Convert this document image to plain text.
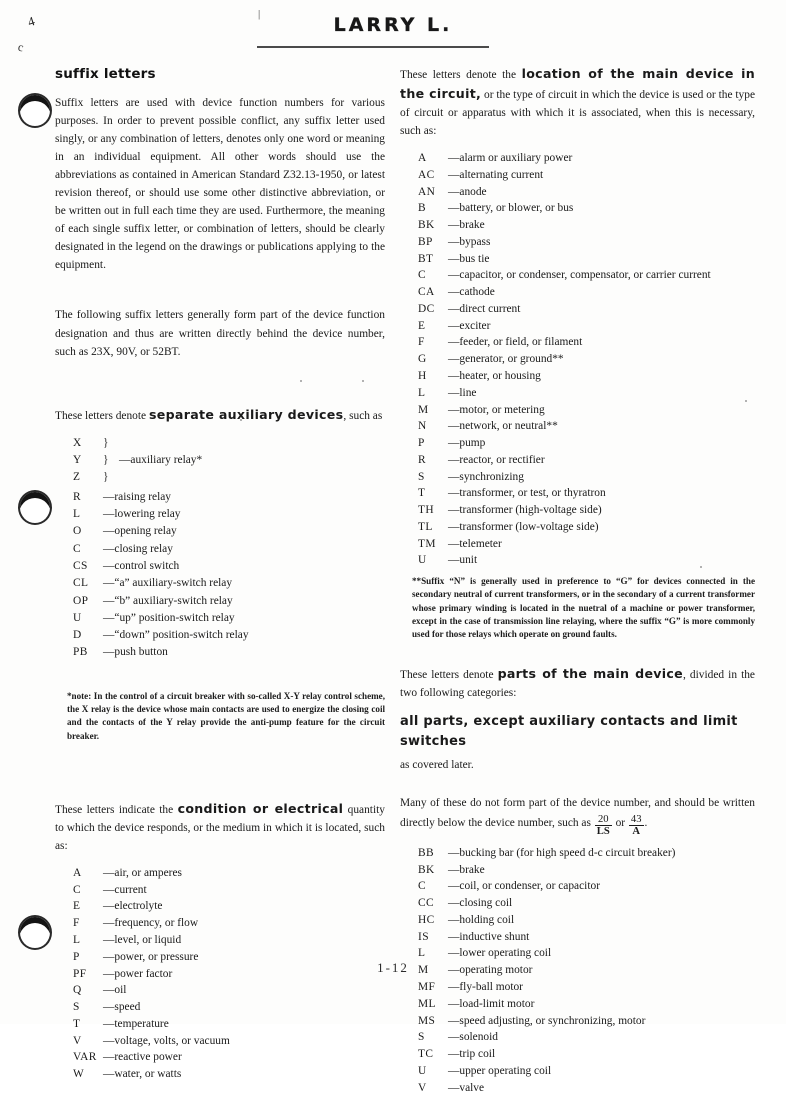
4
c
|	LARRY L.
suffix letters

Suffix letters are used with device function numbers for various purposes. In order to prevent possible conflict, any suffix letter used singly, or any combination of letters, denotes only one word or meaning in an individual equipment. All other words should use the abbreviations as contained in American Standard Z32.13-1950, or latest revision thereof, or should use some other distinctive abbreviation, or be written out in full each time they are used. Furthermore, the meaning of each single suffix letter, or combination of letters, should be clearly designated in the legend on the drawings or publications applying to the equipment.

The following suffix letters generally form part of the device function designation and thus are written directly behind the device number, such as 23X, 90V, or 52BT.

These letters denote separate auxiliary devices, such as

X	}
Y	} —auxiliary relay*
Z	}
R	—raising relay
L	—lowering relay
O	—opening relay
C	—closing relay
CS	—control switch
CL	—“a” auxiliary-switch relay
OP	—“b” auxiliary-switch relay
U	—“up” position-switch relay
D	—“down” position-switch relay
PB	—push button

*note: In the control of a circuit breaker with so-called X-Y relay control scheme, the X relay is the device whose main contacts are used to energize the closing coil and the contacts of the Y relay provide the anti-pump feature for the circuit breaker.

These letters indicate the condition or electrical quantity to which the device responds, or the medium in which it is located, such as:

A	—air, or amperes
C	—current
E	—electrolyte
F	—frequency, or flow
L	—level, or liquid
P	—power, or pressure
PF	—power factor
Q	—oil
S	—speed
T	—temperature
V	—voltage, volts, or vacuum
VAR —reactive power
W	—water, or watts

These letters denote the location of the main device in the circuit, or the type of circuit in which the device is used or the type of circuit or apparatus with which it is associated, when this is necessary, such as:

A	—alarm or auxiliary power
AC	—alternating current
AN	—anode
B	—battery, or blower, or bus
BK	—brake
BP	—bypass
BT	—bus tie
C	—capacitor, or condenser, compensator, or carrier current
CA	—cathode
DC	—direct current
E	—exciter
F	—feeder, or field, or filament
G	—generator, or ground**
H	—heater, or housing
L	—line
M	—motor, or metering
N	—network, or neutral**
P	—pump
R	—reactor, or rectifier
S	—synchronizing
T	—transformer, or test, or thyratron
TH	—transformer (high-voltage side)
TL	—transformer (low-voltage side)
TM	—telemeter
U	—unit

**Suffix “N” is generally used in preference to “G” for devices connected in the secondary neutral of current transformers, or in the secondary of a current transformer whose primary winding is located in the nuetral of a machine or power transformer, except in the case of transmission line relaying, where the suffix “G” is more commonly used for those relays which operate on ground faults.

These letters denote parts of the main device, divided in the two following categories:

all parts, except auxiliary contacts and limit switches

as covered later.

Many of these do not form part of the device number, and should be written directly below the device number, such as $\frac{20}{LS}$ or $\frac{43}{A}$ .

BB	—bucking bar (for high speed d-c circuit breaker)
BK	—brake
C	—coil, or condenser, or capacitor
CC	—closing coil
HC	—holding coil
IS	—inductive shunt
L	—lower operating coil
M	—operating motor
MF	—fly-ball motor
ML	—load-limit motor
MS	—speed adjusting, or synchronizing, motor
S	—solenoid
TC	—trip coil
U	—upper operating coil
V	—valve
1-12
